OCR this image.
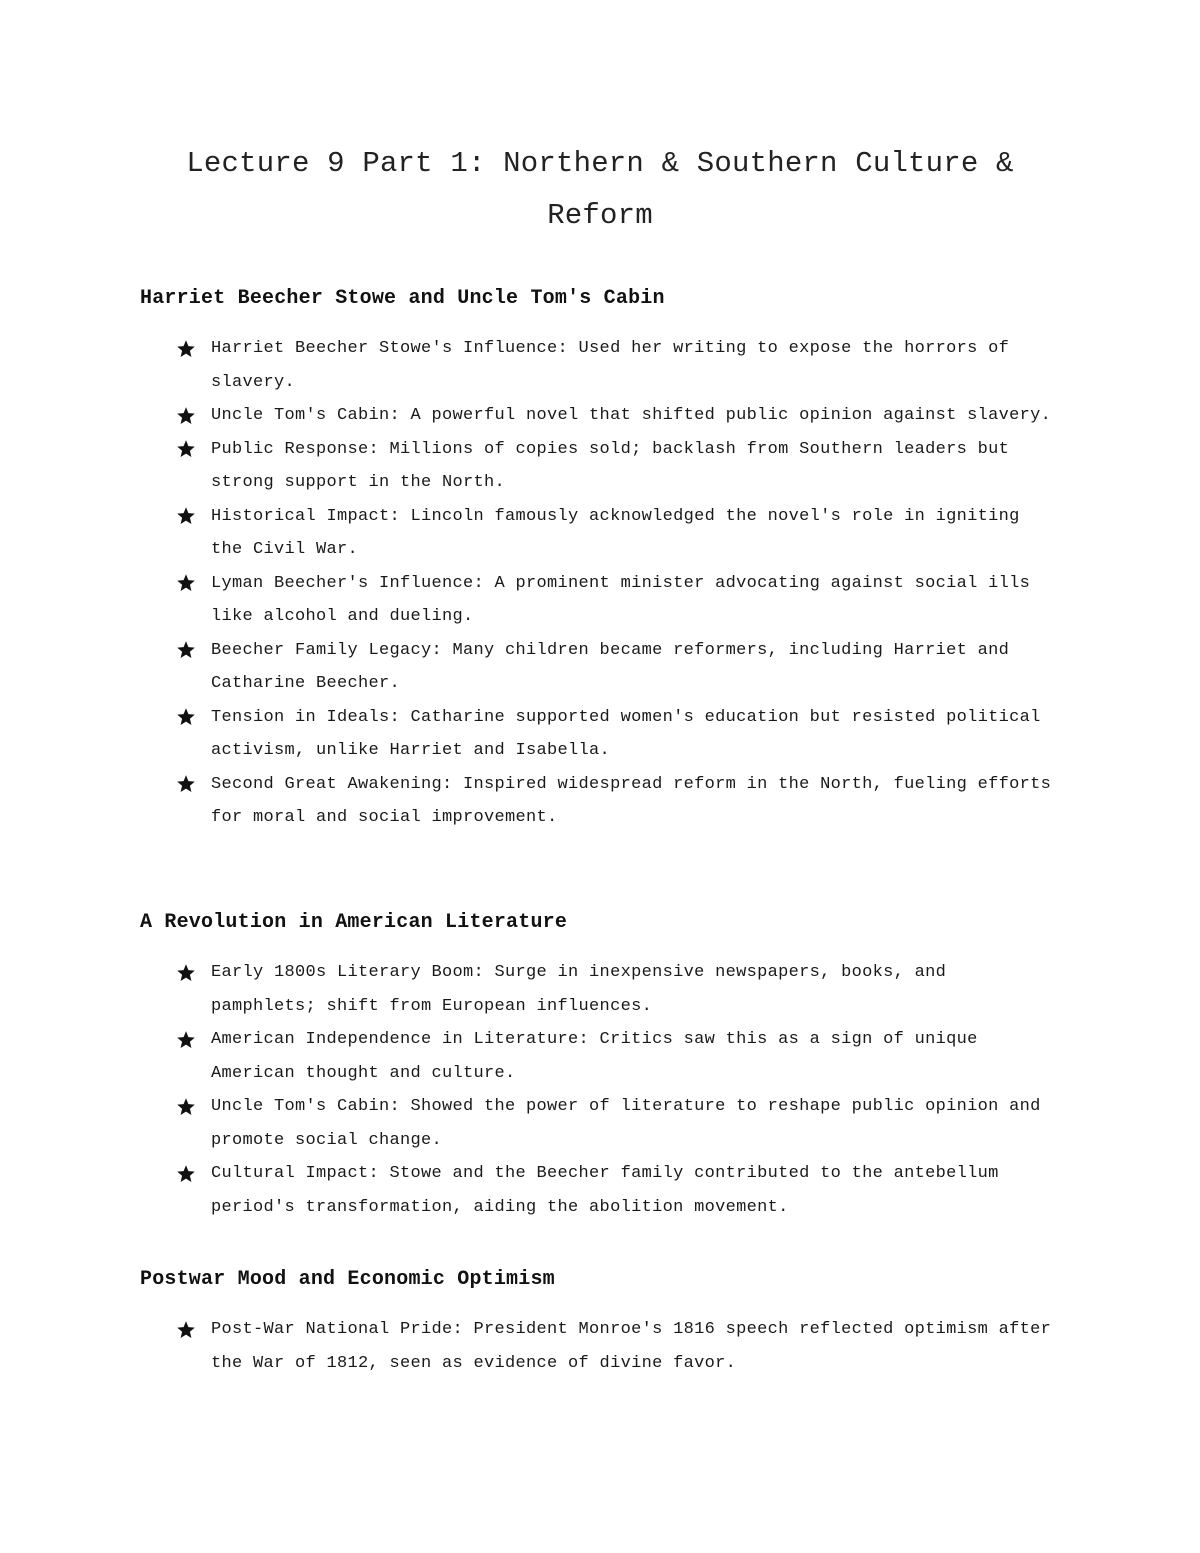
Lecture 9 Part 1: Northern & Southern Culture & Reform
Harriet Beecher Stowe and Uncle Tom's Cabin
Harriet Beecher Stowe's Influence: Used her writing to expose the horrors of slavery.
Uncle Tom's Cabin: A powerful novel that shifted public opinion against slavery.
Public Response: Millions of copies sold; backlash from Southern leaders but strong support in the North.
Historical Impact: Lincoln famously acknowledged the novel's role in igniting the Civil War.
Lyman Beecher's Influence: A prominent minister advocating against social ills like alcohol and dueling.
Beecher Family Legacy: Many children became reformers, including Harriet and Catharine Beecher.
Tension in Ideals: Catharine supported women's education but resisted political activism, unlike Harriet and Isabella.
Second Great Awakening: Inspired widespread reform in the North, fueling efforts for moral and social improvement.
A Revolution in American Literature
Early 1800s Literary Boom: Surge in inexpensive newspapers, books, and pamphlets; shift from European influences.
American Independence in Literature: Critics saw this as a sign of unique American thought and culture.
Uncle Tom's Cabin: Showed the power of literature to reshape public opinion and promote social change.
Cultural Impact: Stowe and the Beecher family contributed to the antebellum period's transformation, aiding the abolition movement.
Postwar Mood and Economic Optimism
Post-War National Pride: President Monroe's 1816 speech reflected optimism after the War of 1812, seen as evidence of divine favor.
